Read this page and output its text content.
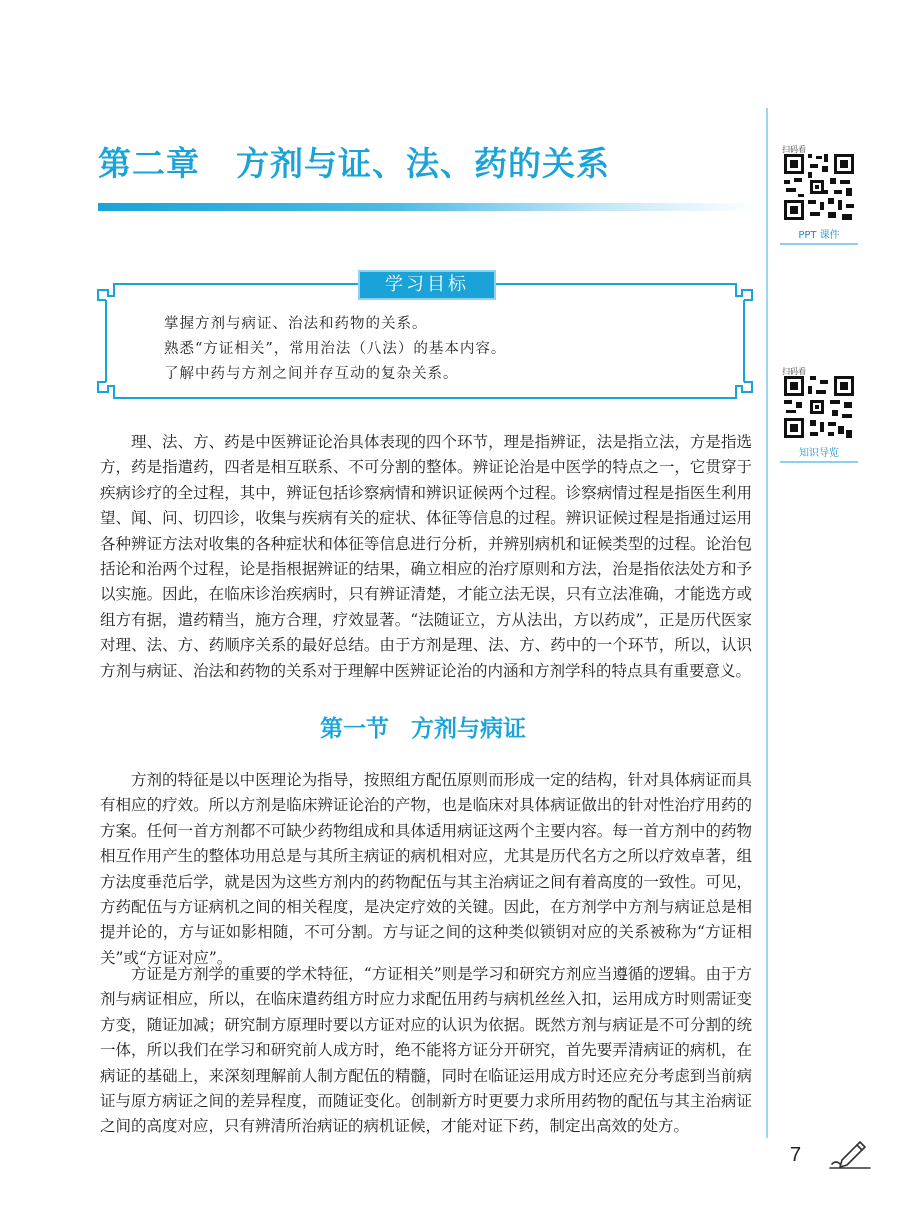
第二章 方剂与证、法、药的关系	扫码看
PPT 课件
扫码看
知识导览
学习目标
掌握方剂与病证、治法和药物的关系。
熟悉“方证相关”，常用治法（八法）的基本内容。
了解中药与方剂之间并存互动的复杂关系。

理、法、方、药是中医辨证论治具体表现的四个环节，理是指辨证，法是指立法，方是指选方，药是指遣药，四者是相互联系、不可分割的整体。辨证论治是中医学的特点之一，它贯穿于疾病诊疗的全过程，其中，辨证包括诊察病情和辨识证候两个过程。诊察病情过程是指医生利用望、闻、问、切四诊，收集与疾病有关的症状、体征等信息的过程。辨识证候过程是指通过运用各种辨证方法对收集的各种症状和体征等信息进行分析，并辨别病机和证候类型的过程。论治包括论和治两个过程，论是指根据辨证的结果，确立相应的治疗原则和方法，治是指依法处方和予以实施。因此，在临床诊治疾病时，只有辨证清楚，才能立法无误，只有立法准确，才能选方或组方有据，遣药精当，施方合理，疗效显著。“法随证立，方从法出，方以药成”，正是历代医家对理、法、方、药顺序关系的最好总结。由于方剂是理、法、方、药中的一个环节，所以，认识方剂与病证、治法和药物的关系对于理解中医辨证论治的内涵和方剂学科的特点具有重要意义。

第一节 方剂与病证

方剂的特征是以中医理论为指导，按照组方配伍原则而形成一定的结构，针对具体病证而具有相应的疗效。所以方剂是临床辨证论治的产物，也是临床对具体病证做出的针对性治疗用药的方案。任何一首方剂都不可缺少药物组成和具体适用病证这两个主要内容。每一首方剂中的药物相互作用产生的整体功用总是与其所主病证的病机相对应，尤其是历代名方之所以疗效卓著，组方法度垂范后学，就是因为这些方剂内的药物配伍与其主治病证之间有着高度的一致性。可见，方药配伍与方证病机之间的相关程度，是决定疗效的关键。因此，在方剂学中方剂与病证总是相提并论的，方与证如影相随，不可分割。方与证之间的这种类似锁钥对应的关系被称为“方证相关”或“方证对应”。

方证是方剂学的重要的学术特征，“方证相关”则是学习和研究方剂应当遵循的逻辑。由于方剂与病证相应，所以，在临床遣药组方时应力求配伍用药与病机丝丝入扣，运用成方时则需证变方变，随证加减；研究制方原理时要以方证对应的认识为依据。既然方剂与病证是不可分割的统一体，所以我们在学习和研究前人成方时，绝不能将方证分开研究，首先要弄清病证的病机，在病证的基础上，来深刻理解前人制方配伍的精髓，同时在临证运用成方时还应充分考虑到当前病证与原方病证之间的差异程度，而随证变化。创制新方时更要力求所用药物的配伍与其主治病证之间的高度对应，只有辨清所治病证的病机证候，才能对证下药，制定出高效的处方。

7
